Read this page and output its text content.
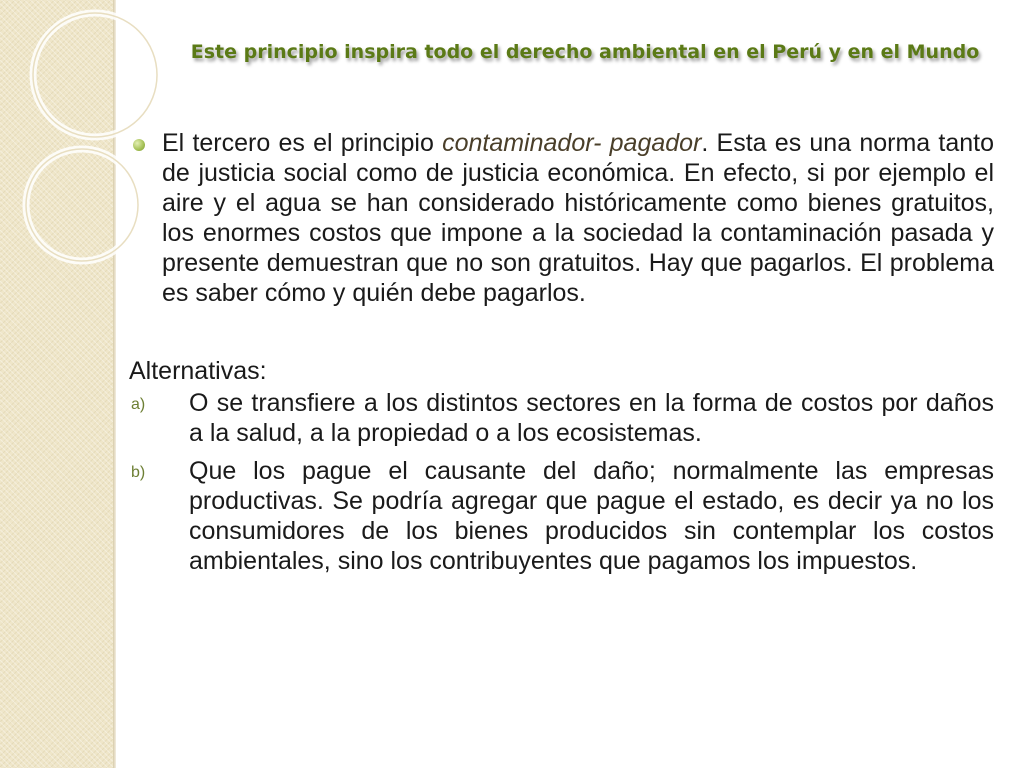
Este principio inspira todo el derecho ambiental en el Perú y en el Mundo

El tercero es el principio contaminador- pagador. Esta es una norma tanto de justicia social como de justicia económica. En efecto, si por ejemplo el aire y el agua se han considerado históricamente como bienes gratuitos, los enormes costos que impone a la sociedad la contaminación pasada y presente demuestran que no son gratuitos. Hay que pagarlos. El problema es saber cómo y quién debe pagarlos.

Alternativas:
a) O se transfiere a los distintos sectores en la forma de costos por daños a la salud, a la propiedad o a los ecosistemas.
b) Que los pague el causante del daño; normalmente las empresas productivas. Se podría agregar que pague el estado, es decir ya no los consumidores de los bienes producidos sin contemplar los costos ambientales, sino los contribuyentes que pagamos los impuestos.
